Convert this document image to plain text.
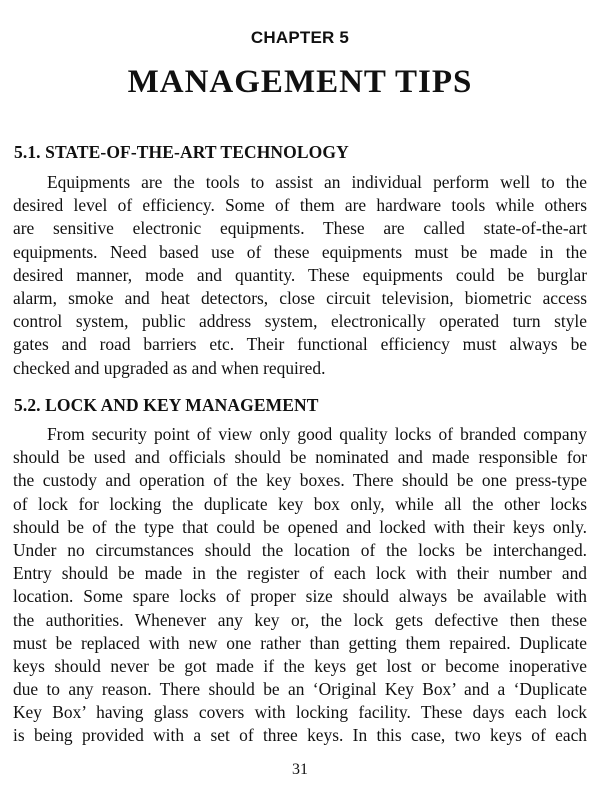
CHAPTER 5
MANAGEMENT TIPS
5.1. STATE-OF-THE-ART TECHNOLOGY
Equipments are the tools to assist an individual perform well to the
desired level of efficiency. Some of them are hardware tools while others
are sensitive electronic equipments. These are called state-of-the-art
equipments. Need based use of these equipments must be made in the
desired manner, mode and quantity. These equipments could be burglar
alarm, smoke and heat detectors, close circuit television, biometric access
control system, public address system, electronically operated turn style
gates and road barriers etc. Their functional efficiency must always be
checked and upgraded as and when required.
5.2. LOCK AND KEY MANAGEMENT
From security point of view only good quality locks of branded company
should be used and officials should be nominated and made responsible for
the custody and operation of the key boxes. There should be one press-type
of lock for locking the duplicate key box only, while all the other locks
should be of the type that could be opened and locked with their keys only.
Under no circumstances should the location of the locks be interchanged.
Entry should be made in the register of each lock with their number and
location. Some spare locks of proper size should always be available with
the authorities. Whenever any key or, the lock gets defective then these
must be replaced with new one rather than getting them repaired. Duplicate
keys should never be got made if the keys get lost or become inoperative
due to any reason. There should be an ‘Original Key Box’ and a ‘Duplicate
Key Box’ having glass covers with locking facility. These days each lock
is being provided with a set of three keys. In this case, two keys of each
31
